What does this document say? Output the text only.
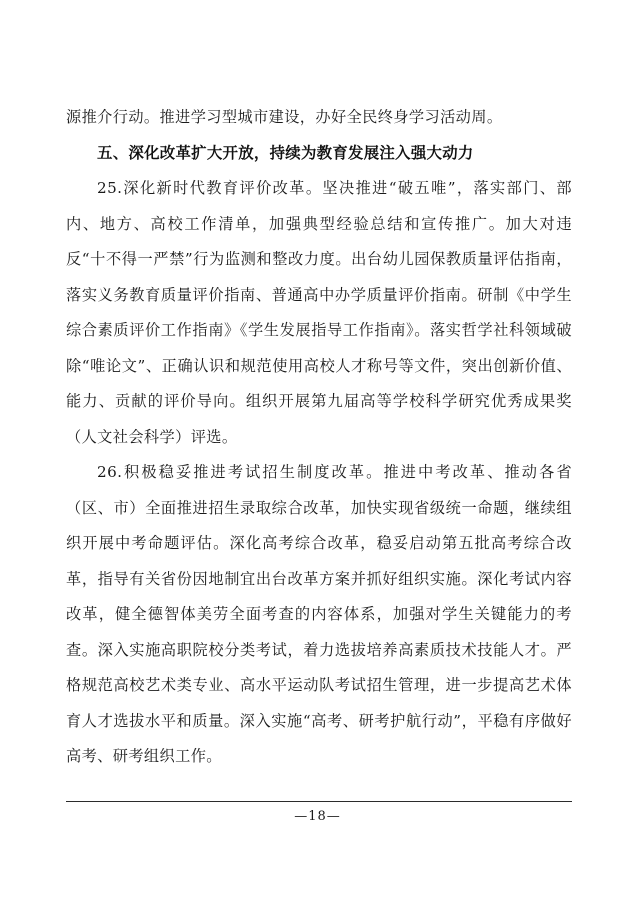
源推介行动。推进学习型城市建设，办好全民终身学习活动周。

五、深化改革扩大开放，持续为教育发展注入强大动力

25.深化新时代教育评价改革。坚决推进“破五唯”，落实部门、部内、地方、高校工作清单，加强典型经验总结和宣传推广。加大对违反“十不得一严禁”行为监测和整改力度。出台幼儿园保教质量评估指南，落实义务教育质量评价指南、普通高中办学质量评价指南。研制《中学生综合素质评价工作指南》《学生发展指导工作指南》。落实哲学社科领域破除“唯论文”、正确认识和规范使用高校人才称号等文件，突出创新价值、能力、贡献的评价导向。组织开展第九届高等学校科学研究优秀成果奖（人文社会科学）评选。

26.积极稳妥推进考试招生制度改革。推进中考改革、推动各省（区、市）全面推进招生录取综合改革，加快实现省级统一命题，继续组织开展中考命题评估。深化高考综合改革，稳妥启动第五批高考综合改革，指导有关省份因地制宜出台改革方案并抓好组织实施。深化考试内容改革，健全德智体美劳全面考查的内容体系，加强对学生关键能力的考查。深入实施高职院校分类考试，着力选拔培养高素质技术技能人才。严格规范高校艺术类专业、高水平运动队考试招生管理，进一步提高艺术体育人才选拔水平和质量。深入实施“高考、研考护航行动”，平稳有序做好高考、研考组织工作。

—18—
